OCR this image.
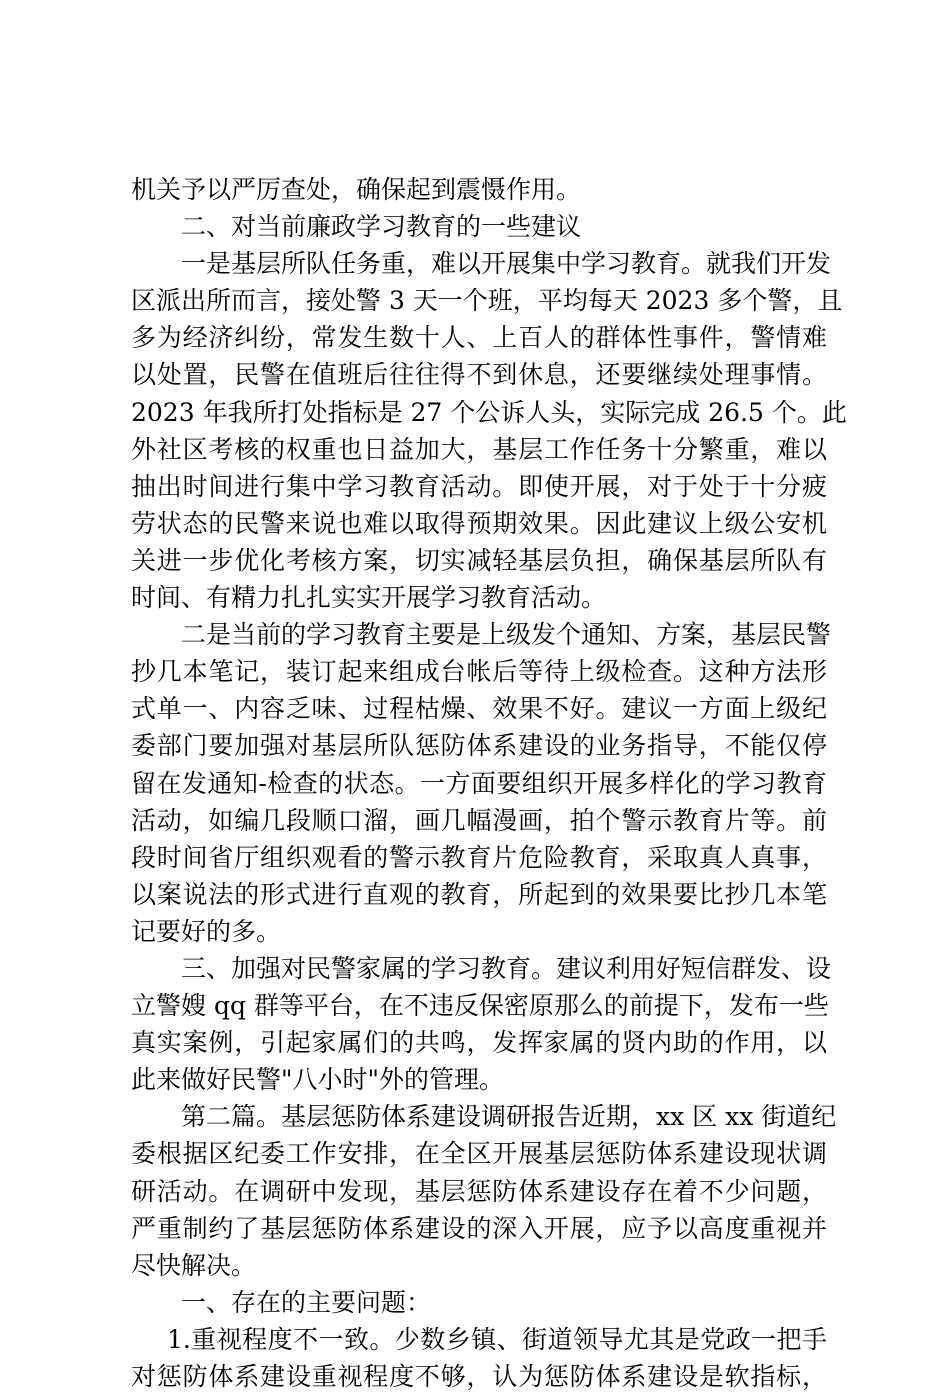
机关予以严厉查处，确保起到震慑作用。
二、对当前廉政学习教育的一些建议
一是基层所队任务重，难以开展集中学习教育。就我们开发
区派出所而言，接处警 3 天一个班，平均每天 2023 多个警，且
多为经济纠纷，常发生数十人、上百人的群体性事件，警情难
以处置，民警在值班后往往得不到休息，还要继续处理事情。
2023 年我所打处指标是 27 个公诉人头，实际完成 26.5 个。此
外社区考核的权重也日益加大，基层工作任务十分繁重，难以
抽出时间进行集中学习教育活动。即使开展，对于处于十分疲
劳状态的民警来说也难以取得预期效果。因此建议上级公安机
关进一步优化考核方案，切实减轻基层负担，确保基层所队有
时间、有精力扎扎实实开展学习教育活动。
二是当前的学习教育主要是上级发个通知、方案，基层民警
抄几本笔记，装订起来组成台帐后等待上级检查。这种方法形
式单一、内容乏味、过程枯燥、效果不好。建议一方面上级纪
委部门要加强对基层所队惩防体系建设的业务指导，不能仅停
留在发通知-检查的状态。一方面要组织开展多样化的学习教育
活动，如编几段顺口溜，画几幅漫画，拍个警示教育片等。前
段时间省厅组织观看的警示教育片危险教育，采取真人真事，
以案说法的形式进行直观的教育，所起到的效果要比抄几本笔
记要好的多。
三、加强对民警家属的学习教育。建议利用好短信群发、设
立警嫂 qq 群等平台，在不违反保密原那么的前提下，发布一些
真实案例，引起家属们的共鸣，发挥家属的贤内助的作用，以
此来做好民警"八小时"外的管理。
第二篇。基层惩防体系建设调研报告近期，xx 区 xx 街道纪
委根据区纪委工作安排，在全区开展基层惩防体系建设现状调
研活动。在调研中发现，基层惩防体系建设存在着不少问题，
严重制约了基层惩防体系建设的深入开展，应予以高度重视并
尽快解决。
一、存在的主要问题：
1.重视程度不一致。少数乡镇、街道领导尤其是党政一把手
对惩防体系建设重视程度不够，认为惩防体系建设是软指标，
